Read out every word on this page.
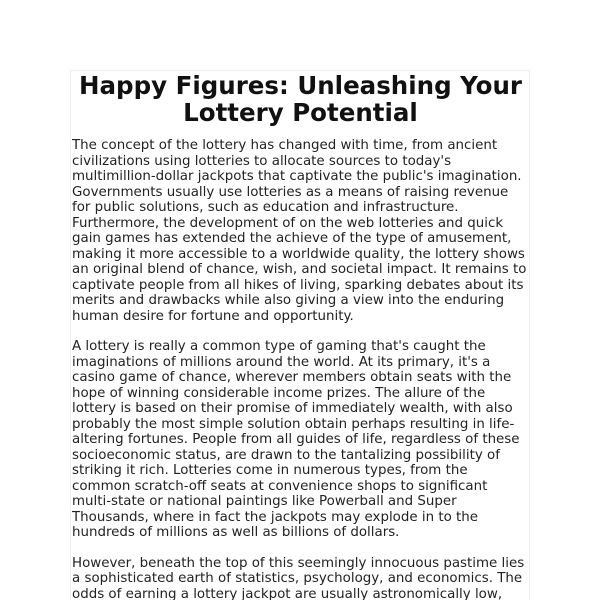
Happy Figures: Unleashing Your Lottery Potential

The concept of the lottery has changed with time, from ancient civilizations using lotteries to allocate sources to today's multimillion-dollar jackpots that captivate the public's imagination. Governments usually use lotteries as a means of raising revenue for public solutions, such as education and infrastructure. Furthermore, the development of on the web lotteries and quick gain games has extended the achieve of the type of amusement, making it more accessible to a worldwide quality, the lottery shows an original blend of chance, wish, and societal impact. It remains to captivate people from all hikes of living, sparking debates about its merits and drawbacks while also giving a view into the enduring human desire for fortune and opportunity.

A lottery is really a common type of gaming that's caught the imaginations of millions around the world. At its primary, it's a casino game of chance, wherever members obtain seats with the hope of winning considerable income prizes. The allure of the lottery is based on their promise of immediately wealth, with also probably the most simple solution obtain perhaps resulting in life-altering fortunes. People from all guides of life, regardless of these socioeconomic status, are drawn to the tantalizing possibility of striking it rich. Lotteries come in numerous types, from the common scratch-off seats at convenience shops to significant multi-state or national paintings like Powerball and Super Thousands, where in fact the jackpots may explode in to the hundreds of millions as well as billions of dollars.

However, beneath the top of this seemingly innocuous pastime lies a sophisticated earth of statistics, psychology, and economics. The odds of earning a lottery jackpot are usually astronomically low,
